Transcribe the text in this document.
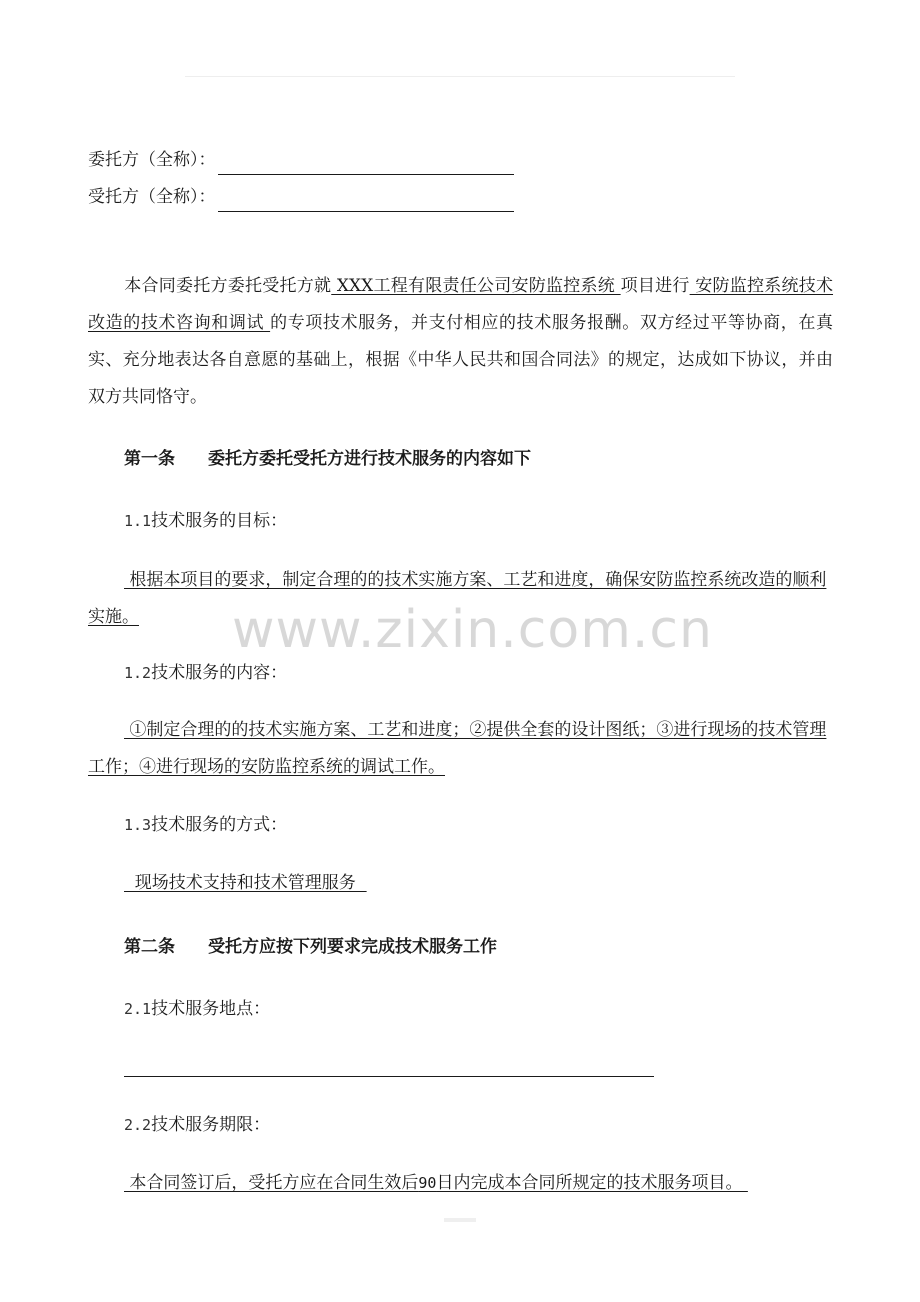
委托方（全称）：
受托方（全称）：
本合同委托方委托受托方就 XXX工程有限责任公司安防监控系统 项目进行 安防监控系统技术改造的技术咨询和调试 的专项技术服务，并支付相应的技术服务报酬。双方经过平等协商，在真实、充分地表达各自意愿的基础上，根据《中华人民共和国合同法》的规定，达成如下协议，并由双方共同恪守。
第一条 委托方委托受托方进行技术服务的内容如下
1.1技术服务的目标：
根据本项目的要求，制定合理的的技术实施方案、工艺和进度，确保安防监控系统改造的顺利实施。
1.2技术服务的内容：
①制定合理的的技术实施方案、工艺和进度；②提供全套的设计图纸；③进行现场的技术管理工作；④进行现场的安防监控系统的调试工作。
1.3技术服务的方式：
现场技术支持和技术管理服务
第二条 受托方应按下列要求完成技术服务工作
2.1技术服务地点：
2.2技术服务期限：
本合同签订后，受托方应在合同生效后90日内完成本合同所规定的技术服务项目。
www.zixin.com.cn
